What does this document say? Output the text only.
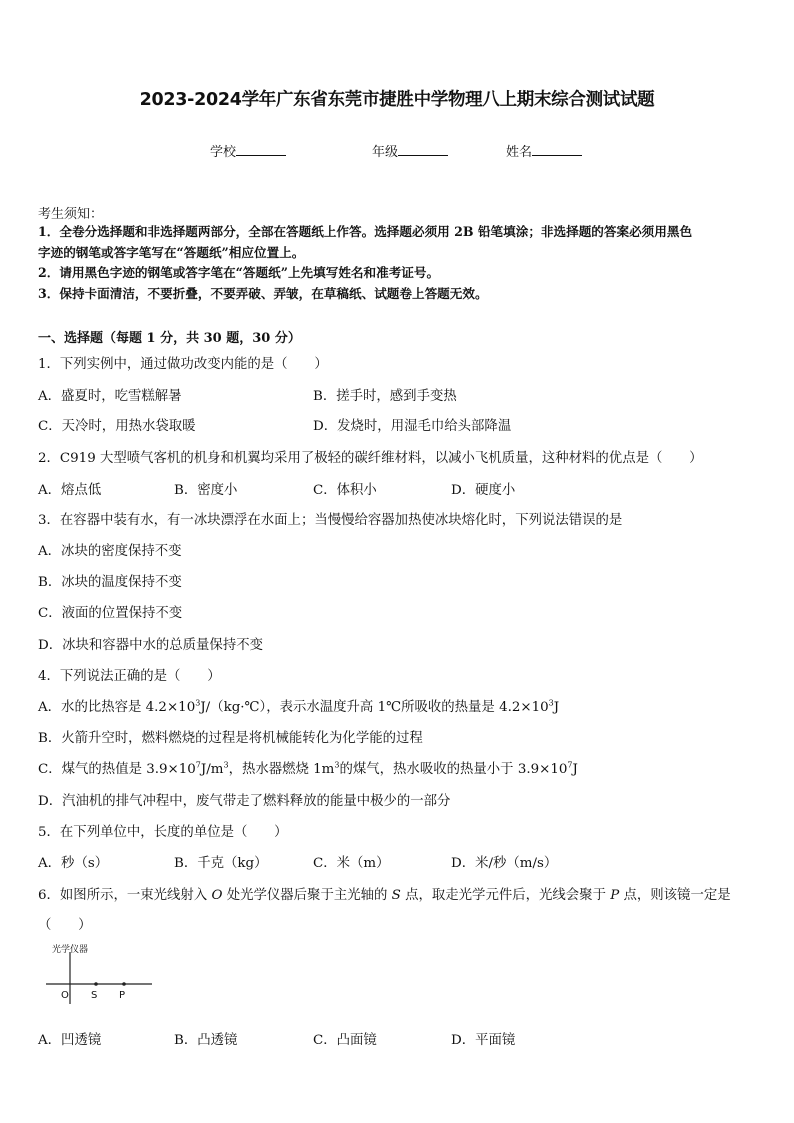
2023-2024学年广东省东莞市捷胜中学物理八上期末综合测试试题
学校	年级	姓名
考生须知：
1．全卷分选择题和非选择题两部分，全部在答题纸上作答。选择题必须用 2B 铅笔填涂；非选择题的答案必须用黑色
字迹的钢笔或答字笔写在“答题纸”相应位置上。
2．请用黑色字迹的钢笔或答字笔在“答题纸”上先填写姓名和准考证号。
3．保持卡面清洁，不要折叠，不要弄破、弄皱，在草稿纸、试题卷上答题无效。
一、选择题（每题 1 分，共 30 题，30 分）
1．下列实例中，通过做功改变内能的是（　　）
A．盛夏时，吃雪糕解暑	B．搓手时，感到手变热
C．天冷时，用热水袋取暖	D．发烧时，用湿毛巾给头部降温
2．C919 大型喷气客机的机身和机翼均采用了极轻的碳纤维材料，以减小飞机质量，这种材料的优点是（　　）
A．熔点低	B．密度小	C．体积小	D．硬度小
3．在容器中装有水，有一冰块漂浮在水面上；当慢慢给容器加热使冰块熔化时，下列说法错误的是
A．冰块的密度保持不变
B．冰块的温度保持不变
C．液面的位置保持不变
D．冰块和容器中水的总质量保持不变
4．下列说法正确的是（　　）
A．水的比热容是 $4.2\times 10^3J/(kg\cdot℃)$，表示水温度升高 1℃所吸收的热量是 $4.2\times 10^3J$
B．火箭升空时，燃料燃烧的过程是将机械能转化为化学能的过程
C．煤气的热值是 $3.9\times 10^7J/m^3$，热水器燃烧 $1m^3$的煤气，热水吸收的热量小于 $3.9\times 10^7J$
D．汽油机的排气冲程中，废气带走了燃料释放的能量中极少的一部分
5．在下列单位中，长度的单位是（　　）
A．秒（s）	B．千克（kg）	C．米（m）	D．米/秒（m/s）
6．如图所示，一束光线射入 O 处光学仪器后聚于主光轴的 S 点，取走光学元件后，光线会聚于 P 点，则该镜一定是
（　　）
光学仪器
O S P
A．凹透镜	B．凸透镜	C．凸面镜	D．平面镜
